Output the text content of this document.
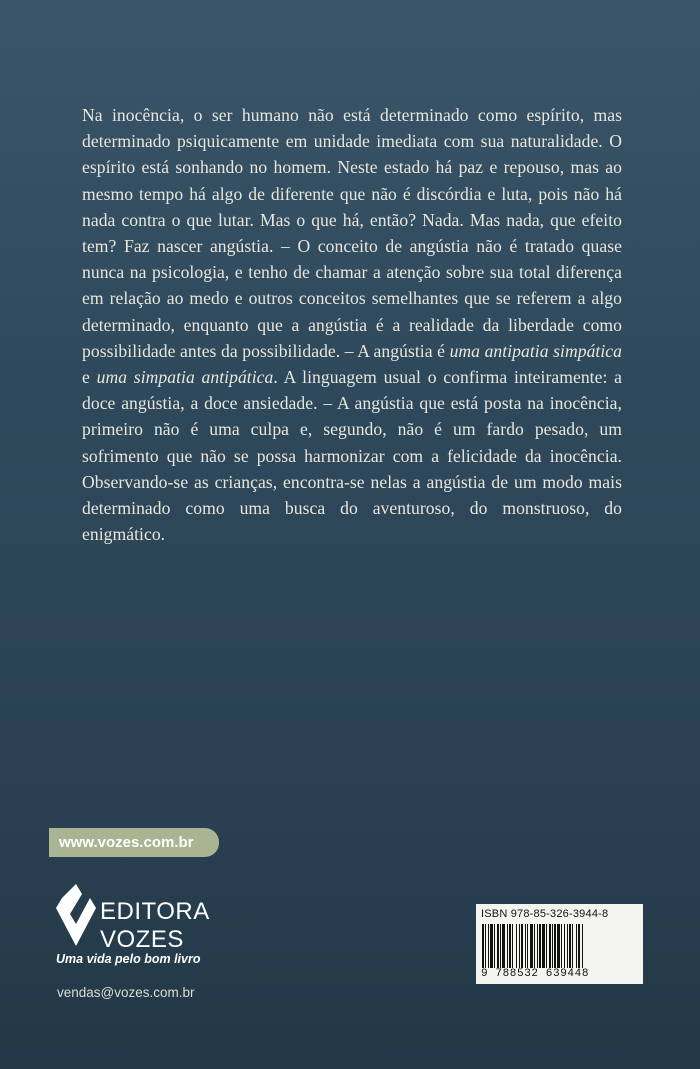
Na inocência, o ser humano não está determinado como espírito, mas determinado psiquicamente em unidade imediata com sua naturalidade. O espírito está sonhando no homem. Neste estado há paz e repouso, mas ao mesmo tempo há algo de diferente que não é discórdia e luta, pois não há nada contra o que lutar. Mas o que há, então? Nada. Mas nada, que efeito tem? Faz nascer angústia. – O conceito de angústia não é tratado quase nunca na psicologia, e tenho de chamar a atenção sobre sua total diferença em relação ao medo e outros conceitos semelhantes que se referem a algo determinado, enquanto que a angústia é a realidade da liberdade como possibilidade antes da possibilidade. – A angústia é uma antipatia simpática e uma simpatia antipática. A linguagem usual o confirma inteiramente: a doce angústia, a doce ansiedade. – A angústia que está posta na inocência, primeiro não é uma culpa e, segundo, não é um fardo pesado, um sofrimento que não se possa harmonizar com a felicidade da inocência. Observando-se as crianças, encontra-se nelas a angústia de um modo mais determinado como uma busca do aventuroso, do monstruoso, do enigmático.

www.vozes.com.br
EDITORA
VOZES
Uma vida pelo bom livro
vendas@vozes.com.br
ISBN 978-85-326-3944-8
9 788532 639448
